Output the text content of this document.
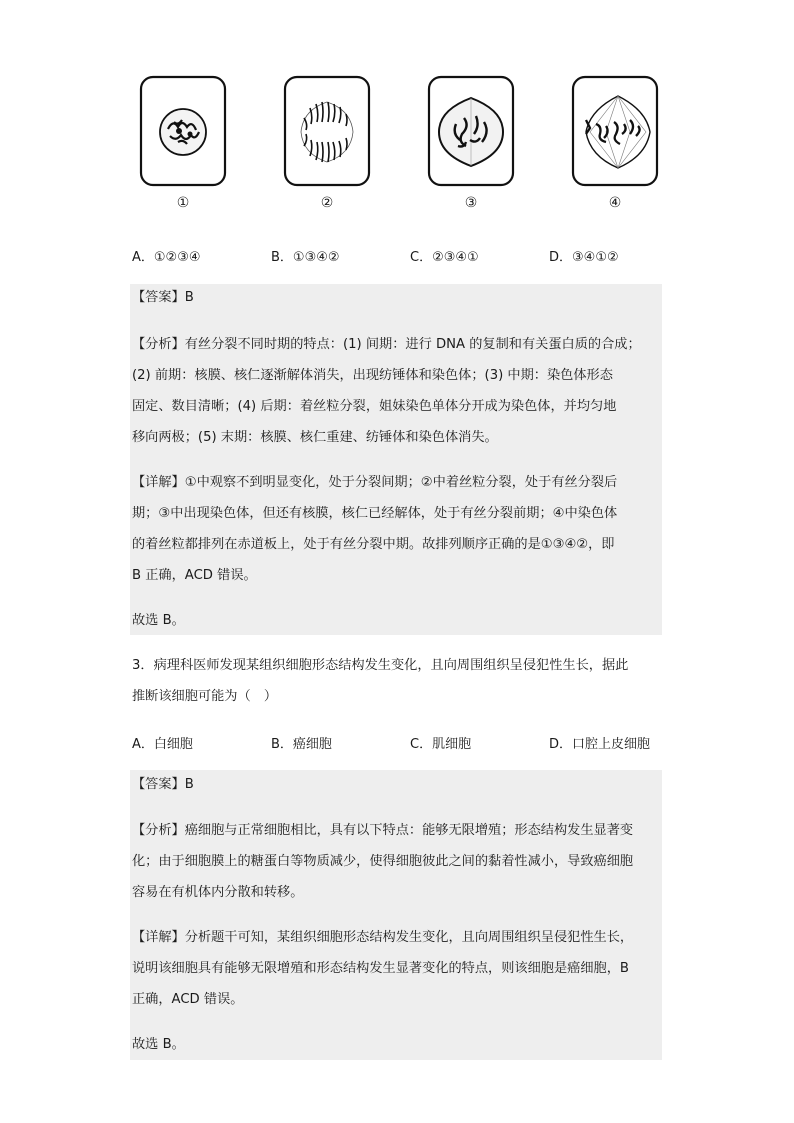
①	②	③	④
A．①②③④	B．①③④②	C．②③④①	D．③④①②
【答案】B
【分析】有丝分裂不同时期的特点：(1) 间期：进行 DNA 的复制和有关蛋白质的合成；
(2) 前期：核膜、核仁逐渐解体消失，出现纺锤体和染色体；(3) 中期：染色体形态
固定、数目清晰；(4) 后期：着丝粒分裂，姐妹染色单体分开成为染色体，并均匀地
移向两极；(5) 末期：核膜、核仁重建、纺锤体和染色体消失。
【详解】①中观察不到明显变化，处于分裂间期；②中着丝粒分裂，处于有丝分裂后
期；③中出现染色体，但还有核膜，核仁已经解体，处于有丝分裂前期；④中染色体
的着丝粒都排列在赤道板上，处于有丝分裂中期。故排列顺序正确的是①③④②，即
B 正确，ACD 错误。
故选 B。
3．病理科医师发现某组织细胞形态结构发生变化，且向周围组织呈侵犯性生长，据此
推断该细胞可能为（　）
A．白细胞	B．癌细胞	C．肌细胞	D．口腔上皮细胞
【答案】B
【分析】癌细胞与正常细胞相比，具有以下特点：能够无限增殖；形态结构发生显著变
化；由于细胞膜上的糖蛋白等物质减少，使得细胞彼此之间的黏着性减小，导致癌细胞
容易在有机体内分散和转移。
【详解】分析题干可知，某组织细胞形态结构发生变化，且向周围组织呈侵犯性生长，
说明该细胞具有能够无限增殖和形态结构发生显著变化的特点，则该细胞是癌细胞，B
正确，ACD 错误。
故选 B。
